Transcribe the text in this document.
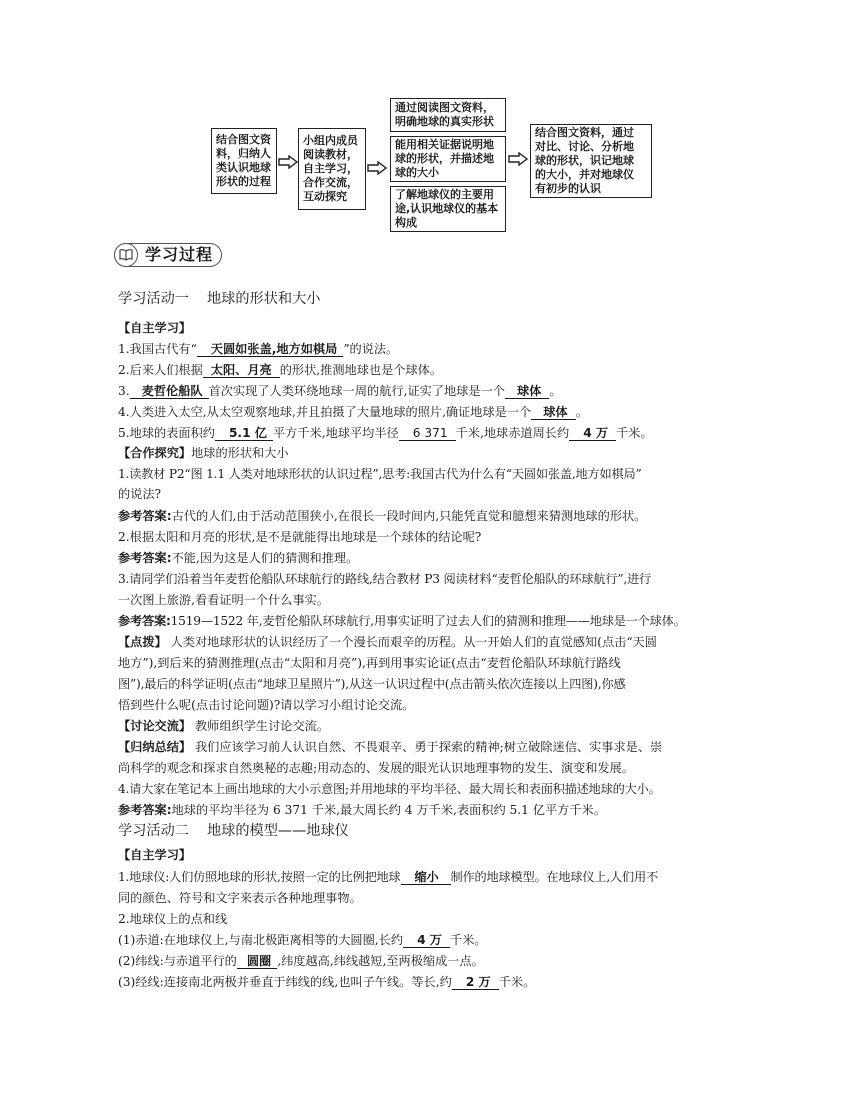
结合图文资
料，归纳人
类认识地球
形状的过程
小组内成员
阅读教材，
自主学习，
合作交流，
互动探究
通过阅读图文资料，
明确地球的真实形状
能用相关证据说明地
球的形状，并描述地
球的大小
了解地球仪的主要用
途,认识地球仪的基本
构成
结合图文资料，通过
对比、讨论、分析地
球的形状，识记地球
的大小，并对地球仪
有初步的认识
学习过程
学习活动一 地球的形状和大小
【自主学习】
1.我国古代有“ 天圆如张盖,地方如棋局 ”的说法。
2.后来人们根据 太阳、月亮 的形状,推测地球也是个球体。
3. 麦哲伦船队 首次实现了人类环绕地球一周的航行,证实了地球是一个 球体 。
4.人类进入太空,从太空观察地球,并且拍摄了大量地球的照片,确证地球是一个 球体 。
5.地球的表面积约 5.1 亿 平方千米,地球平均半径 6 371 千米,地球赤道周长约 4 万 千米。
【合作探究】地球的形状和大小
1.读教材 P2“图 1.1 人类对地球形状的认识过程”,思考:我国古代为什么有“天圆如张盖,地方如棋局”
的说法?
参考答案:古代的人们,由于活动范围狭小,在很长一段时间内,只能凭直觉和臆想来猜测地球的形状。
2.根据太阳和月亮的形状,是不是就能得出地球是一个球体的结论呢?
参考答案:不能,因为这是人们的猜测和推理。
3.请同学们沿着当年麦哲伦船队环球航行的路线,结合教材 P3 阅读材料“麦哲伦船队的环球航行”,进行
一次图上旅游,看看证明一个什么事实。
参考答案:1519—1522 年,麦哲伦船队环球航行,用事实证明了过去人们的猜测和推理——地球是一个球体。
【点拨】 人类对地球形状的认识经历了一个漫长而艰辛的历程。从一开始人们的直觉感知(点击“天圆
地方”),到后来的猜测推理(点击“太阳和月亮”),再到用事实论证(点击“麦哲伦船队环球航行路线
图”),最后的科学证明(点击“地球卫星照片”),从这一认识过程中(点击箭头依次连接以上四图),你感
悟到些什么呢(点击讨论问题)?请以学习小组讨论交流。
【讨论交流】 教师组织学生讨论交流。
【归纳总结】 我们应该学习前人认识自然、不畏艰辛、勇于探索的精神;树立破除迷信、实事求是、崇
尚科学的观念和探求自然奥秘的志趣;用动态的、发展的眼光认识地理事物的发生、演变和发展。
4.请大家在笔记本上画出地球的大小示意图;并用地球的平均半径、最大周长和表面积描述地球的大小。
参考答案:地球的平均半径为 6 371 千米,最大周长约 4 万千米,表面积约 5.1 亿平方千米。
学习活动二 地球的模型——地球仪
【自主学习】
1.地球仪:人们仿照地球的形状,按照一定的比例把地球 缩小 制作的地球模型。在地球仪上,人们用不
同的颜色、符号和文字来表示各种地理事物。
2.地球仪上的点和线
(1)赤道:在地球仪上,与南北极距离相等的大圆圈,长约 4 万 千米。
(2)纬线:与赤道平行的 圆圈 ,纬度越高,纬线越短,至两极缩成一点。
(3)经线:连接南北两极并垂直于纬线的线,也叫子午线。等长,约 2 万 千米。
